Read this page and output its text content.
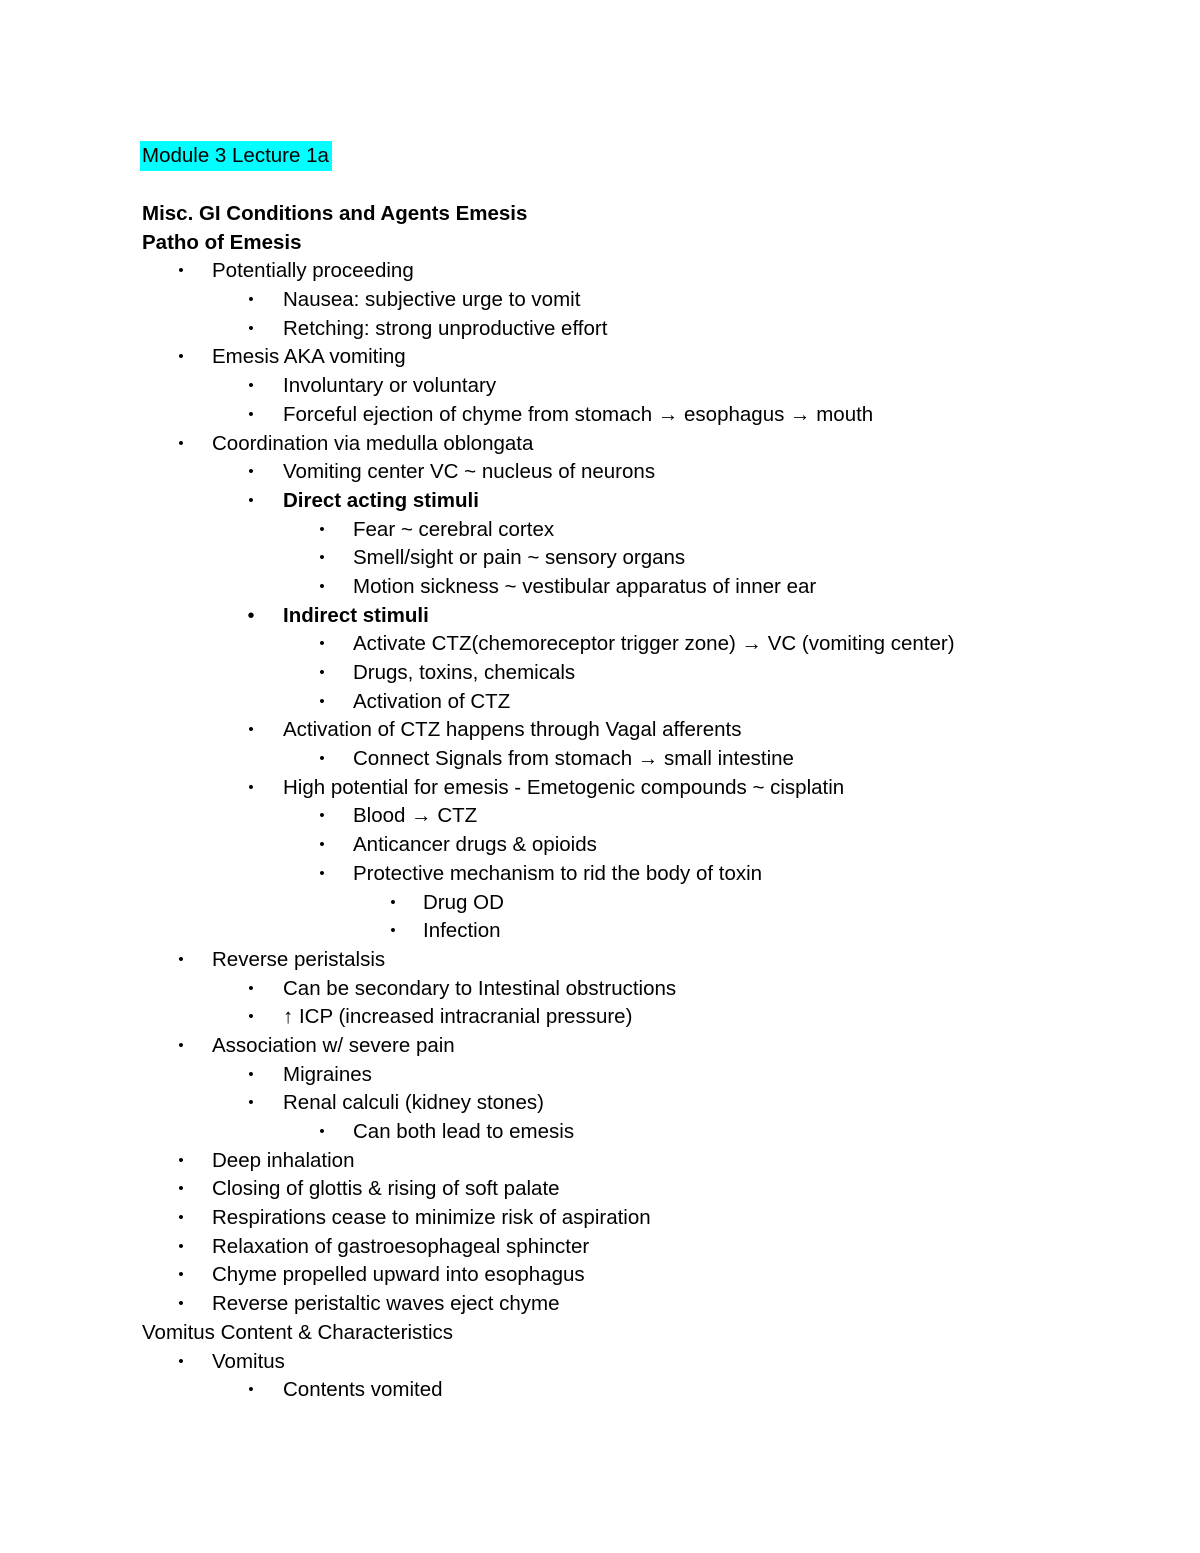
Module 3 Lecture 1a
Misc. GI Conditions and Agents Emesis
Patho of Emesis
• Potentially proceeding
• Nausea: subjective urge to vomit
• Retching: strong unproductive effort
• Emesis AKA vomiting
• Involuntary or voluntary
• Forceful ejection of chyme from stomach → esophagus → mouth
• Coordination via medulla oblongata
• Vomiting center VC ~ nucleus of neurons
• Direct acting stimuli
• Fear ~ cerebral cortex
• Smell/sight or pain ~ sensory organs
• Motion sickness ~ vestibular apparatus of inner ear
• Indirect stimuli
• Activate CTZ(chemoreceptor trigger zone) → VC (vomiting center)
• Drugs, toxins, chemicals
• Activation of CTZ
• Activation of CTZ happens through Vagal afferents
• Connect Signals from stomach → small intestine
• High potential for emesis - Emetogenic compounds ~ cisplatin
• Blood → CTZ
• Anticancer drugs & opioids
• Protective mechanism to rid the body of toxin
• Drug OD
• Infection
• Reverse peristalsis
• Can be secondary to Intestinal obstructions
• ↑ ICP (increased intracranial pressure)
• Association w/ severe pain
• Migraines
• Renal calculi (kidney stones)
• Can both lead to emesis
• Deep inhalation
• Closing of glottis & rising of soft palate
• Respirations cease to minimize risk of aspiration
• Relaxation of gastroesophageal sphincter
• Chyme propelled upward into esophagus
• Reverse peristaltic waves eject chyme
Vomitus Content & Characteristics
• Vomitus
• Contents vomited
